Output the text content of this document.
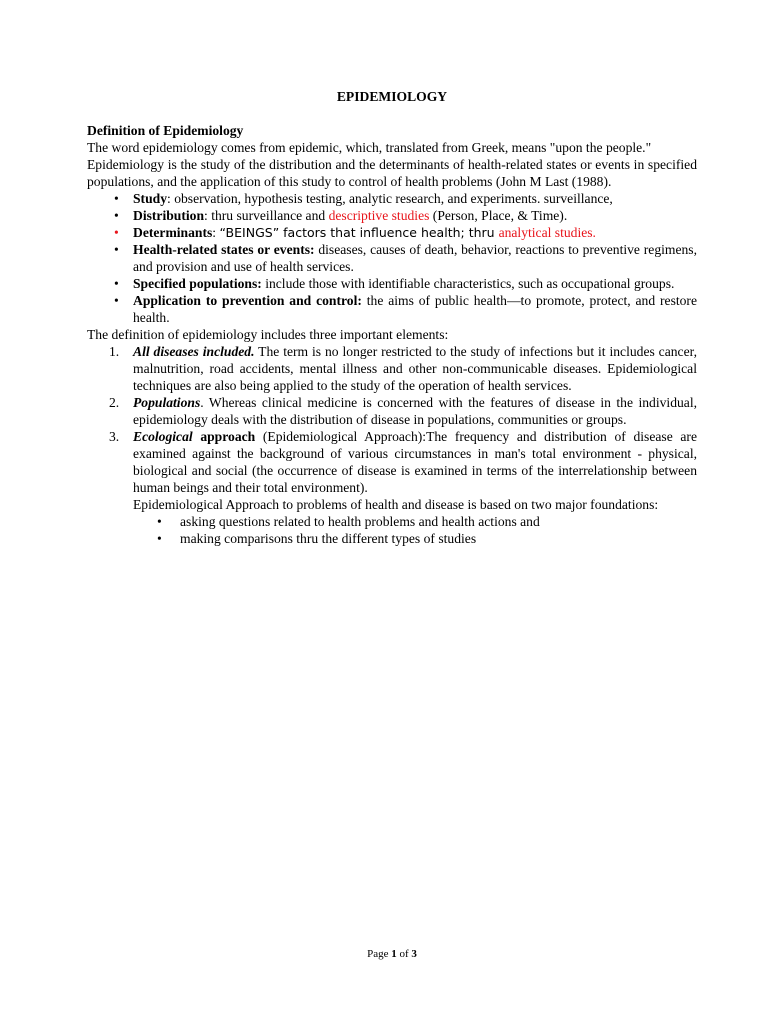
EPIDEMIOLOGY

Definition of Epidemiology

The word epidemiology comes from epidemic, which, translated from Greek, means "upon the people."

Epidemiology is the study of the distribution and the determinants of health-related states or events in specified populations, and the application of this study to control of health problems (John M Last (1988).

• Study: observation, hypothesis testing, analytic research, and experiments. surveillance,
• Distribution: thru surveillance and descriptive studies (Person, Place, & Time).
• Determinants: “BEINGS” factors that influence health; thru analytical studies.
• Health-related states or events: diseases, causes of death, behavior, reactions to preventive regimens, and provision and use of health services.
• Specified populations: include those with identifiable characteristics, such as occupational groups.
• Application to prevention and control: the aims of public health—to promote, protect, and restore health.

The definition of epidemiology includes three important elements:

1. All diseases included. The term is no longer restricted to the study of infections but it includes cancer, malnutrition, road accidents, mental illness and other non-communicable diseases. Epidemiological techniques are also being applied to the study of the operation of health services.
2. Populations. Whereas clinical medicine is concerned with the features of disease in the individual, epidemiology deals with the distribution of disease in populations, communities or groups.
3. Ecological approach (Epidemiological Approach):The frequency and distribution of disease are examined against the background of various circumstances in man's total environment - physical, biological and social (the occurrence of disease is examined in terms of the interrelationship between human beings and their total environment).

Epidemiological Approach to problems of health and disease is based on two major foundations:

• asking questions related to health problems and health actions and
• making comparisons thru the different types of studies
Page 1 of 3
